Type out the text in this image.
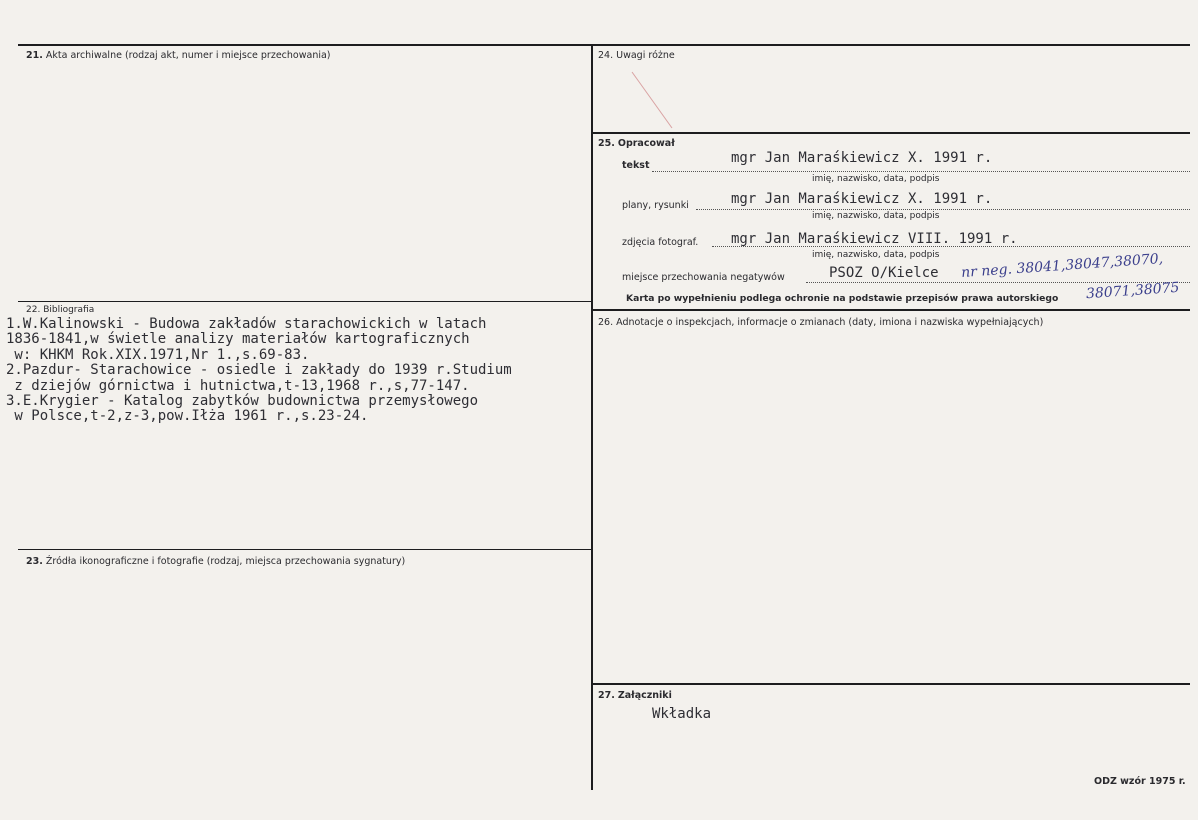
21. Akta archiwalne (rodzaj akt, numer i miejsce przechowania)
22. Bibliografia
1.W.Kalinowski - Budowa zakładów starachowickich w latach
1836-1841,w świetle analizy materiałów kartograficznych
w: KHKM Rok.XIX.1971,Nr 1.,s.69-83.
2.Pazdur- Starachowice - osiedle i zakłady do 1939 r.Studium
z dziejów górnictwa i hutnictwa,t-13,1968 r.,s,77-147.
3.E.Krygier - Katalog zabytków budownictwa przemysłowego
w Polsce,t-2,z-3,pow.Iłża 1961 r.,s.23-24.
23. Źródła ikonograficzne i fotografie (rodzaj, miejsca przechowania sygnatury)
24. Uwagi różne
25. Opracował
tekst	mgr Jan Maraśkiewicz X. 1991 r.
imię, nazwisko, data, podpis
plany, rysunki	mgr Jan Maraśkiewicz X. 1991 r.
imię, nazwisko, data, podpis
zdjęcia fotograf. mgr Jan Maraśkiewicz VIII. 1991 r.
imię, nazwisko, data, podpis
miejsce przechowania negatywów	PSOZ O/Kielce nr neg. 38041,38047,38070,
38071,38075
Karta po wypełnieniu podlega ochronie na podstawie przepisów prawa autorskiego
26. Adnotacje o inspekcjach, informacje o zmianach (daty, imiona i nazwiska wypełniających)
27. Załączniki
Wkładka
ODZ wzór 1975 r.
